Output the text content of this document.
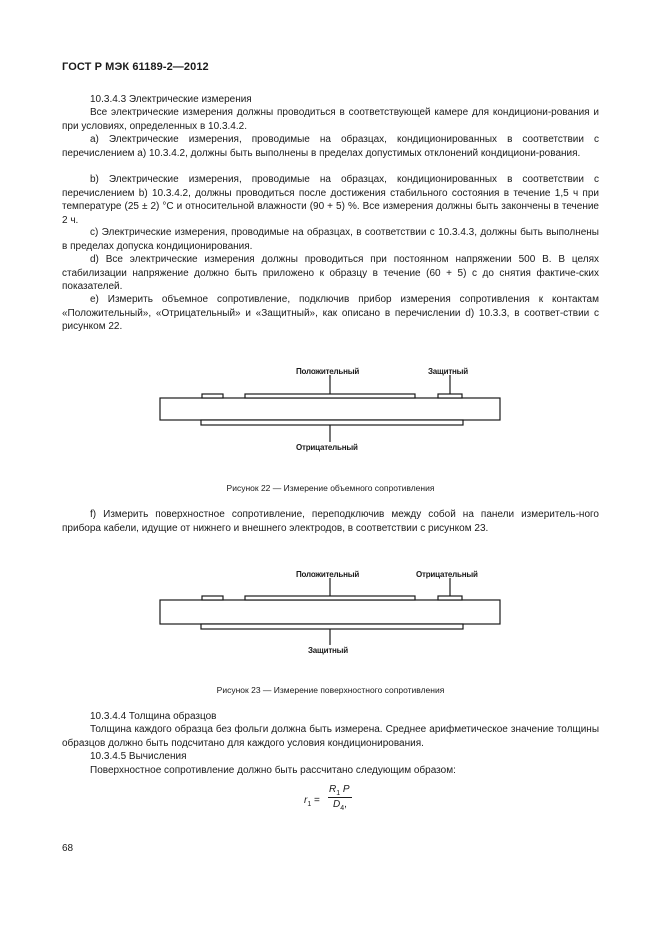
ГОСТ Р МЭК 61189-2—2012
10.3.4.3 Электрические измерения
Все электрические измерения должны проводиться в соответствующей камере для кондициони-рования и при условиях, определенных в 10.3.4.2.
a) Электрические измерения, проводимые на образцах, кондиционированных в соответствии с перечислением a) 10.3.4.2, должны быть выполнены в пределах допустимых отклонений кондициони-рования.
b) Электрические измерения, проводимые на образцах, кондиционированных в соответствии с перечислением b) 10.3.4.2, должны проводиться после достижения стабильного состояния в течение 1,5 ч при температуре (25 ± 2) °С и относительной влажности (90 + 5) %. Все измерения должны быть закончены в течение 2 ч.
c) Электрические измерения, проводимые на образцах, в соответствии с 10.3.4.3, должны быть выполнены в пределах допуска кондиционирования.
d) Все электрические измерения должны проводиться при постоянном напряжении 500 В. В целях стабилизации напряжение должно быть приложено к образцу в течение (60 + 5) с до снятия фактиче-ских показателей.
e) Измерить объемное сопротивление, подключив прибор измерения сопротивления к контактам «Положительный», «Отрицательный» и «Защитный», как описано в перечислении d) 10.3.3, в соответ-ствии с рисунком 22.
Положительный	Защитный
Отрицательный
Рисунок 22 — Измерение объемного сопротивления
f) Измерить поверхностное сопротивление, переподключив между собой на панели измеритель-ного прибора кабели, идущие от нижнего и внешнего электродов, в соответствии с рисунком 23.
Положительный	Отрицательный
Защитный
Рисунок 23 — Измерение поверхностного сопротивления
10.3.4.4 Толщина образцов
Толщина каждого образца без фольги должна быть измерена. Среднее арифметическое значение толщины образцов должно быть подсчитано для каждого условия кондиционирования.
10.3.4.5 Вычисления
Поверхностное сопротивление должно быть рассчитано следующим образом:
$r_1$ =
$R_1$ P
$D_4$,
68
